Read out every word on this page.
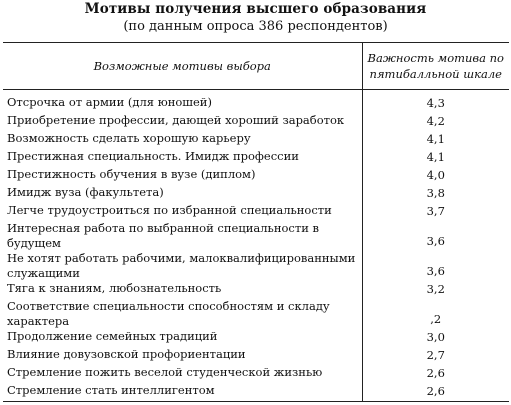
Мотивы получения высшего образования
(по данным опроса 386 респондентов)
Возможные мотивы выбора	Важность мотива по пятибалльной шкале
Отсрочка от армии (для юношей)	4,3
Приобретение профессии, дающей хороший заработок	4,2
Возможность сделать хорошую карьеру	4,1
Престижная специальность. Имидж профессии	4,1
Престижность обучения в вузе (диплом)	4,0
Имидж вуза (факультета)	3,8
Легче трудоустроиться по избранной специальности	3,7
Интересная работа по выбранной специальности в будущем	3,6
Не хотят работать рабочими, малоквалифицированными служащими	3,6
Тяга к знаниям, любознательность	3,2
Соответствие специальности способностям и складу характера	,2
Продолжение семейных традиций	3,0
Влияние довузовской профориентации	2,7
Стремление пожить веселой студенческой жизнью	2,6
Стремление стать интеллигентом	2,6
